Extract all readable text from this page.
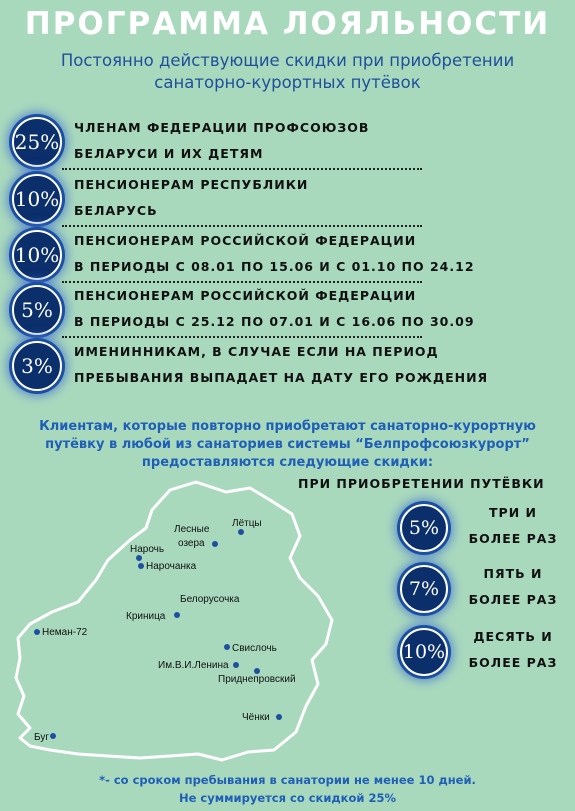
ПРОГРАММА ЛОЯЛЬНОСТИ
Постоянно действующие скидки при приобретении
санаторно-курортных путёвок
25%
ЧЛЕНАМ ФЕДЕРАЦИИ ПРОФСОЮЗОВ
БЕЛАРУСИ И ИХ ДЕТЯМ
10%
ПЕНСИОНЕРАМ РЕСПУБЛИКИ
БЕЛАРУСЬ
10%
ПЕНСИОНЕРАМ РОССИЙСКОЙ ФЕДЕРАЦИИ
В ПЕРИОДЫ С 08.01 ПО 15.06 И С 01.10 ПО 24.12
5%
ПЕНСИОНЕРАМ РОССИЙСКОЙ ФЕДЕРАЦИИ
В ПЕРИОДЫ С 25.12 ПО 07.01 И С 16.06 ПО 30.09
3%
ИМЕНИННИКАМ, В СЛУЧАЕ ЕСЛИ НА ПЕРИОД
ПРЕБЫВАНИЯ ВЫПАДАЕТ НА ДАТУ ЕГО РОЖДЕНИЯ
Клиентам, которые повторно приобретают санаторно-курортную
путёвку в любой из санаториев системы “Белпрофсоюзкурорт”
предоставляются следующие скидки:
Лётцы
Лесные
озера
Нарочь
Нарочанка
Белорусочка
Криница
Неман-72
Свислочь
Им.В.И.Ленина
Приднепровский
Чёнки
Буг
ПРИ ПРИОБРЕТЕНИИ ПУТЁВКИ
5%
ТРИ И
БОЛЕЕ РАЗ
7%
ПЯТЬ И
БОЛЕЕ РАЗ
10%
ДЕСЯТЬ И
БОЛЕЕ РАЗ
*- со сроком пребывания в санатории не менее 10 дней.
Не суммируется со скидкой 25%
